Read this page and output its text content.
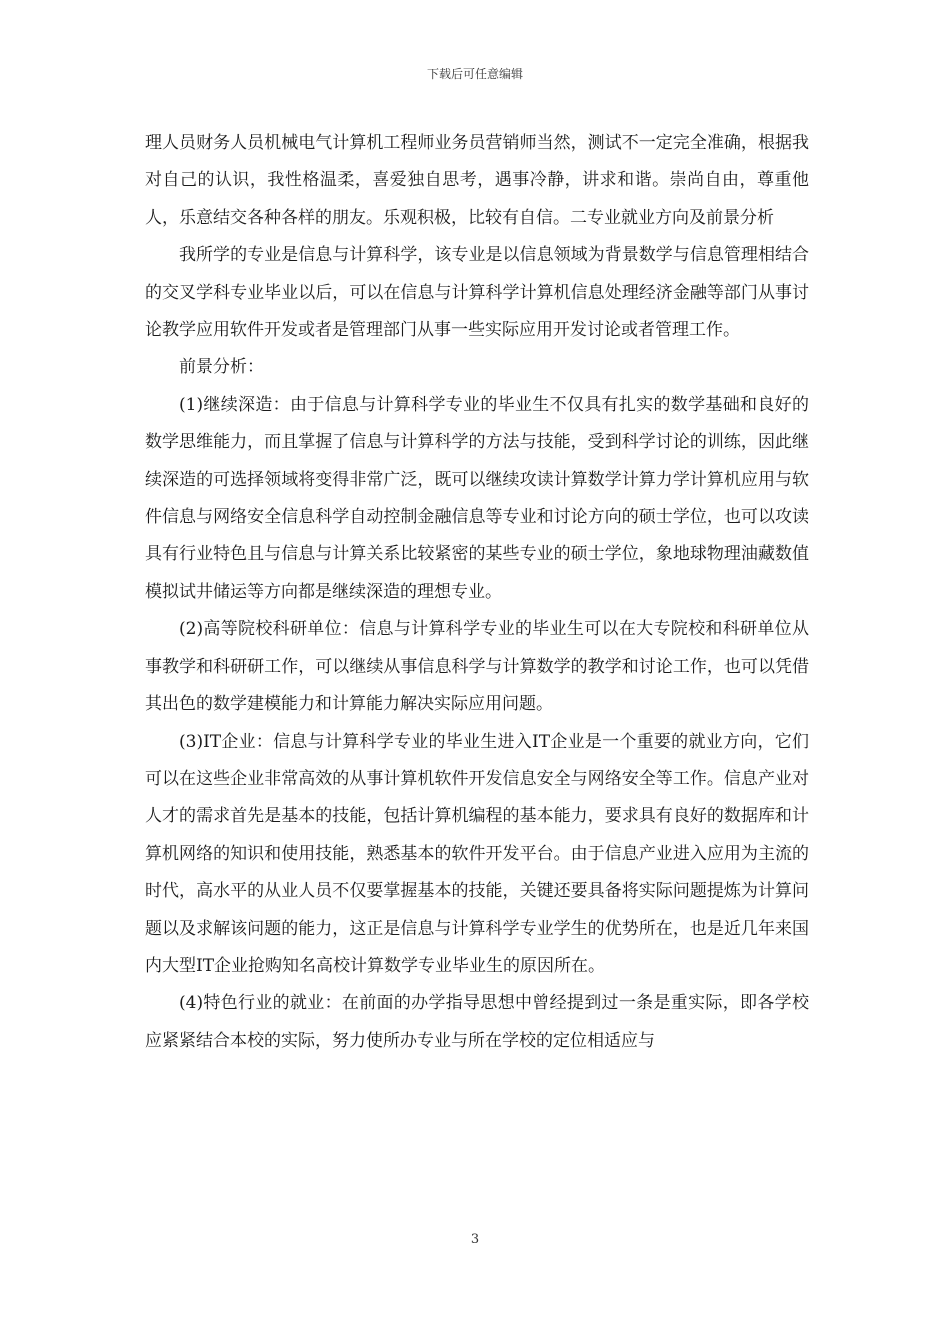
下载后可任意编辑

理人员财务人员机械电气计算机工程师业务员营销师当然，测试不一定完全准确，根据我对自己的认识，我性格温柔，喜爱独自思考，遇事冷静，讲求和谐。崇尚自由，尊重他人，乐意结交各种各样的朋友。乐观积极，比较有自信。二专业就业方向及前景分析

我所学的专业是信息与计算科学，该专业是以信息领域为背景数学与信息管理相结合的交叉学科专业毕业以后，可以在信息与计算科学计算机信息处理经济金融等部门从事讨论教学应用软件开发或者是管理部门从事一些实际应用开发讨论或者管理工作。

前景分析：

(1)继续深造：由于信息与计算科学专业的毕业生不仅具有扎实的数学基础和良好的数学思维能力，而且掌握了信息与计算科学的方法与技能，受到科学讨论的训练，因此继续深造的可选择领域将变得非常广泛，既可以继续攻读计算数学计算力学计算机应用与软件信息与网络安全信息科学自动控制金融信息等专业和讨论方向的硕士学位，也可以攻读具有行业特色且与信息与计算关系比较紧密的某些专业的硕士学位，象地球物理油藏数值模拟试井储运等方向都是继续深造的理想专业。

(2)高等院校科研单位：信息与计算科学专业的毕业生可以在大专院校和科研单位从事教学和科研研工作，可以继续从事信息科学与计算数学的教学和讨论工作，也可以凭借其出色的数学建模能力和计算能力解决实际应用问题。

(3)IT企业：信息与计算科学专业的毕业生进入IT企业是一个重要的就业方向，它们可以在这些企业非常高效的从事计算机软件开发信息安全与网络安全等工作。信息产业对人才的需求首先是基本的技能，包括计算机编程的基本能力，要求具有良好的数据库和计算机网络的知识和使用技能，熟悉基本的软件开发平台。由于信息产业进入应用为主流的时代，高水平的从业人员不仅要掌握基本的技能，关键还要具备将实际问题提炼为计算问题以及求解该问题的能力，这正是信息与计算科学专业学生的优势所在，也是近几年来国内大型IT企业抢购知名高校计算数学专业毕业生的原因所在。

(4)特色行业的就业：在前面的办学指导思想中曾经提到过一条是重实际，即各学校应紧紧结合本校的实际，努力使所办专业与所在学校的定位相适应与

3
